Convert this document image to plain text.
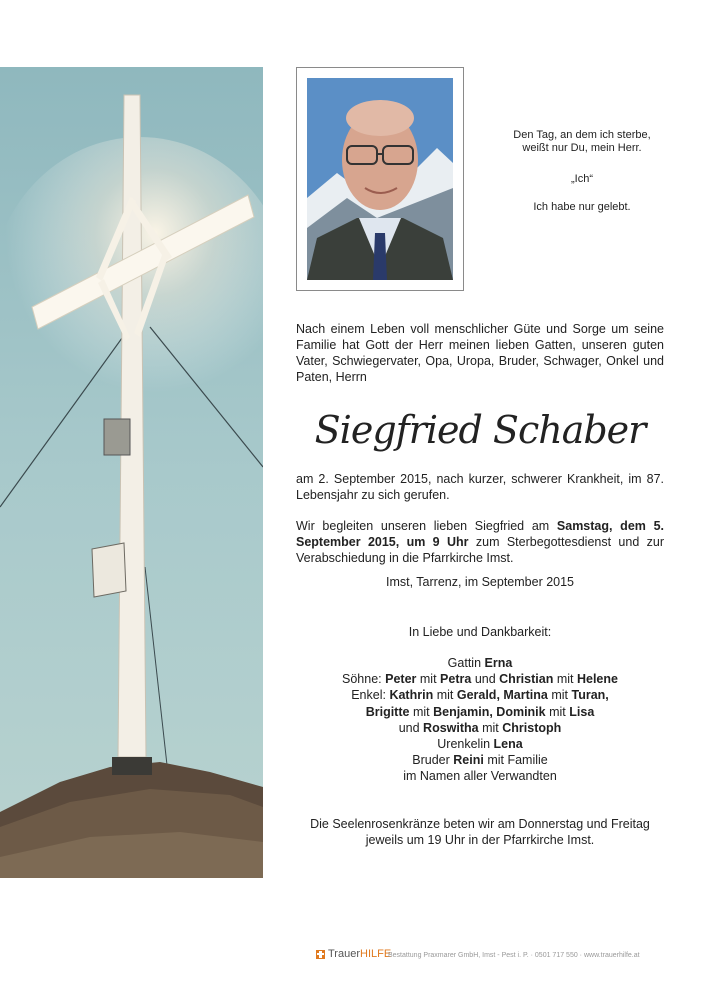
Den Tag, an dem ich sterbe,
weißt nur Du, mein Herr.
„Ich“
Ich habe nur gelebt.
Nach einem Leben voll menschlicher Güte und Sorge um seine Familie hat Gott der Herr meinen lieben Gatten, unseren guten Vater, Schwiegervater, Opa, Uropa, Bruder, Schwager, Onkel und Paten, Herrn
Siegfried Schaber
am 2. September 2015, nach kurzer, schwerer Krankheit, im 87. Lebensjahr zu sich gerufen.
Wir begleiten unseren lieben Siegfried am Samstag, dem 5. September 2015, um 9 Uhr zum Sterbegottesdienst und zur Verabschiedung in die Pfarrkirche Imst.
Imst, Tarrenz, im September 2015
In Liebe und Dankbarkeit:
Gattin Erna
Söhne: Peter mit Petra und Christian mit Helene
Enkel: Kathrin mit Gerald, Martina mit Turan,
Brigitte mit Benjamin, Dominik mit Lisa
und Roswitha mit Christoph
Urenkelin Lena
Bruder Reini mit Familie
im Namen aller Verwandten
Die Seelenrosenkränze beten wir am Donnerstag und Freitag
jeweils um 19 Uhr in der Pfarrkirche Imst.
TrauerHILFE
Bestattung Praxmarer GmbH, Imst - Pest i. P. · 0501 717 550 · www.trauerhilfe.at
